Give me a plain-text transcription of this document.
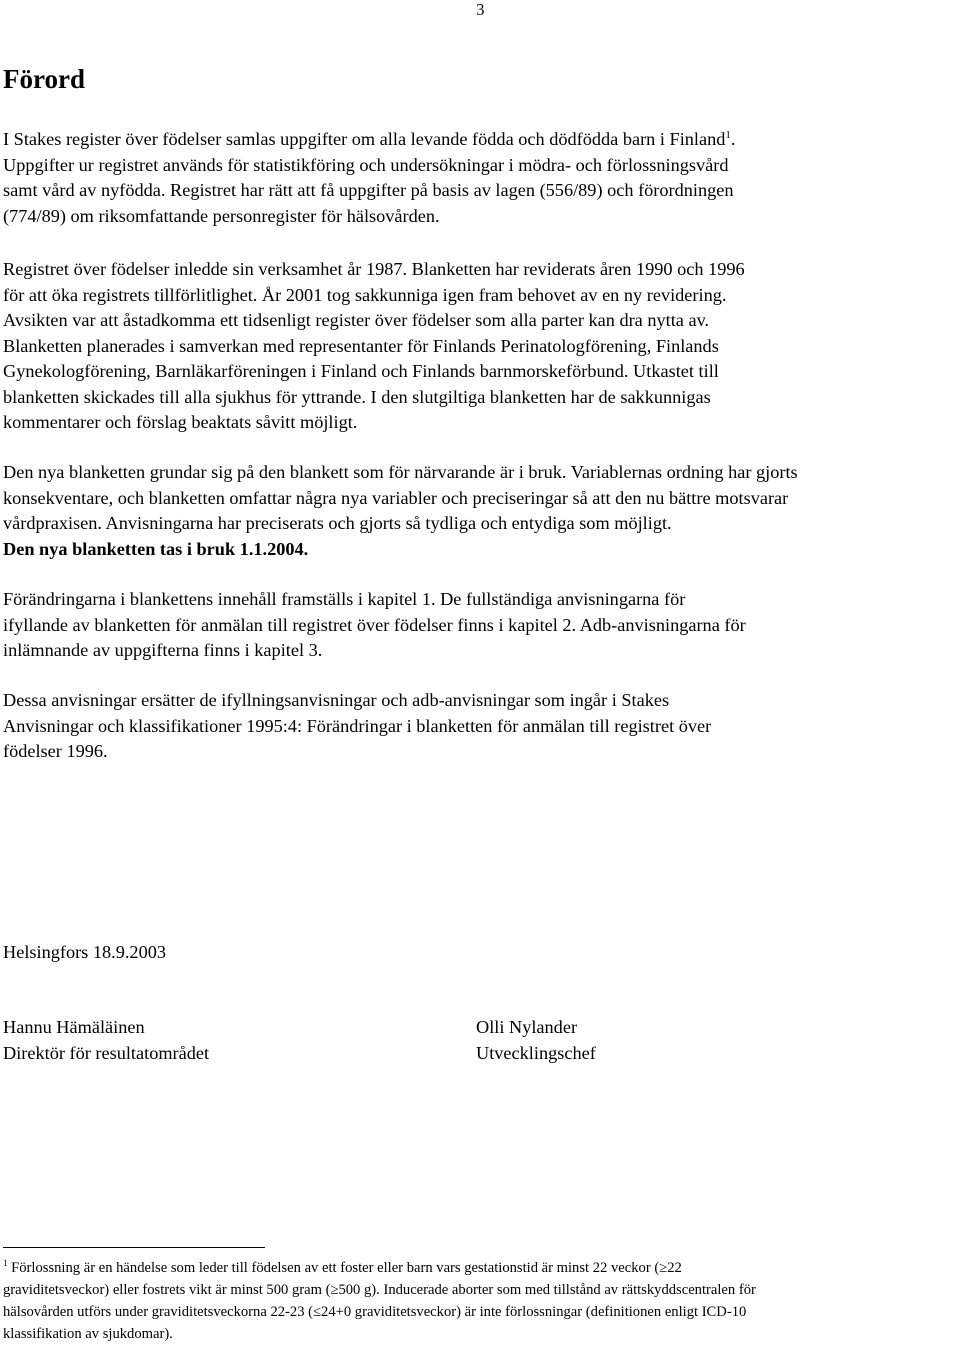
3
Förord

I Stakes register över födelser samlas uppgifter om alla levande födda och dödfödda barn i Finland$^1$.
Uppgifter ur registret används för statistikföring och undersökningar i mödra- och förlossningsvård
samt vård av nyfödda. Registret har rätt att få uppgifter på basis av lagen (556/89) och förordningen
(774/89) om riksomfattande personregister för hälsovården.

Registret över födelser inledde sin verksamhet år 1987. Blanketten har reviderats åren 1990 och 1996
för att öka registrets tillförlitlighet. År 2001 tog sakkunniga igen fram behovet av en ny revidering.
Avsikten var att åstadkomma ett tidsenligt register över födelser som alla parter kan dra nytta av.
Blanketten planerades i samverkan med representanter för Finlands Perinatologförening, Finlands
Gynekologförening, Barnläkarföreningen i Finland och Finlands barnmorskeförbund. Utkastet till
blanketten skickades till alla sjukhus för yttrande. I den slutgiltiga blanketten har de sakkunnigas
kommentarer och förslag beaktats såvitt möjligt.

Den nya blanketten grundar sig på den blankett som för närvarande är i bruk. Variablernas ordning har gjorts
konsekventare, och blanketten omfattar några nya variabler och preciseringar så att den nu bättre motsvarar
vårdpraxisen. Anvisningarna har preciserats och gjorts så tydliga och entydiga som möjligt.
Den nya blanketten tas i bruk 1.1.2004.

Förändringarna i blankettens innehåll framställs i kapitel 1. De fullständiga anvisningarna för
ifyllande av blanketten för anmälan till registret över födelser finns i kapitel 2. Adb-anvisningarna för
inlämnande av uppgifterna finns i kapitel 3.

Dessa anvisningar ersätter de ifyllningsanvisningar och adb-anvisningar som ingår i Stakes
Anvisningar och klassifikationer 1995:4: Förändringar i blanketten för anmälan till registret över
födelser 1996.

Helsingfors 18.9.2003

Hannu Hämäläinen
Direktör för resultatområdet
Olli Nylander
Utvecklingschef

$^1$ Förlossning är en händelse som leder till födelsen av ett foster eller barn vars gestationstid är minst 22 veckor (≥22
graviditetsveckor) eller fostrets vikt är minst 500 gram (≥500 g). Inducerade aborter som med tillstånd av rättskyddscentralen för
hälsovården utförs under graviditetsveckorna 22-23 (≤24+0 graviditetsveckor) är inte förlossningar (definitionen enligt ICD-10
klassifikation av sjukdomar).
